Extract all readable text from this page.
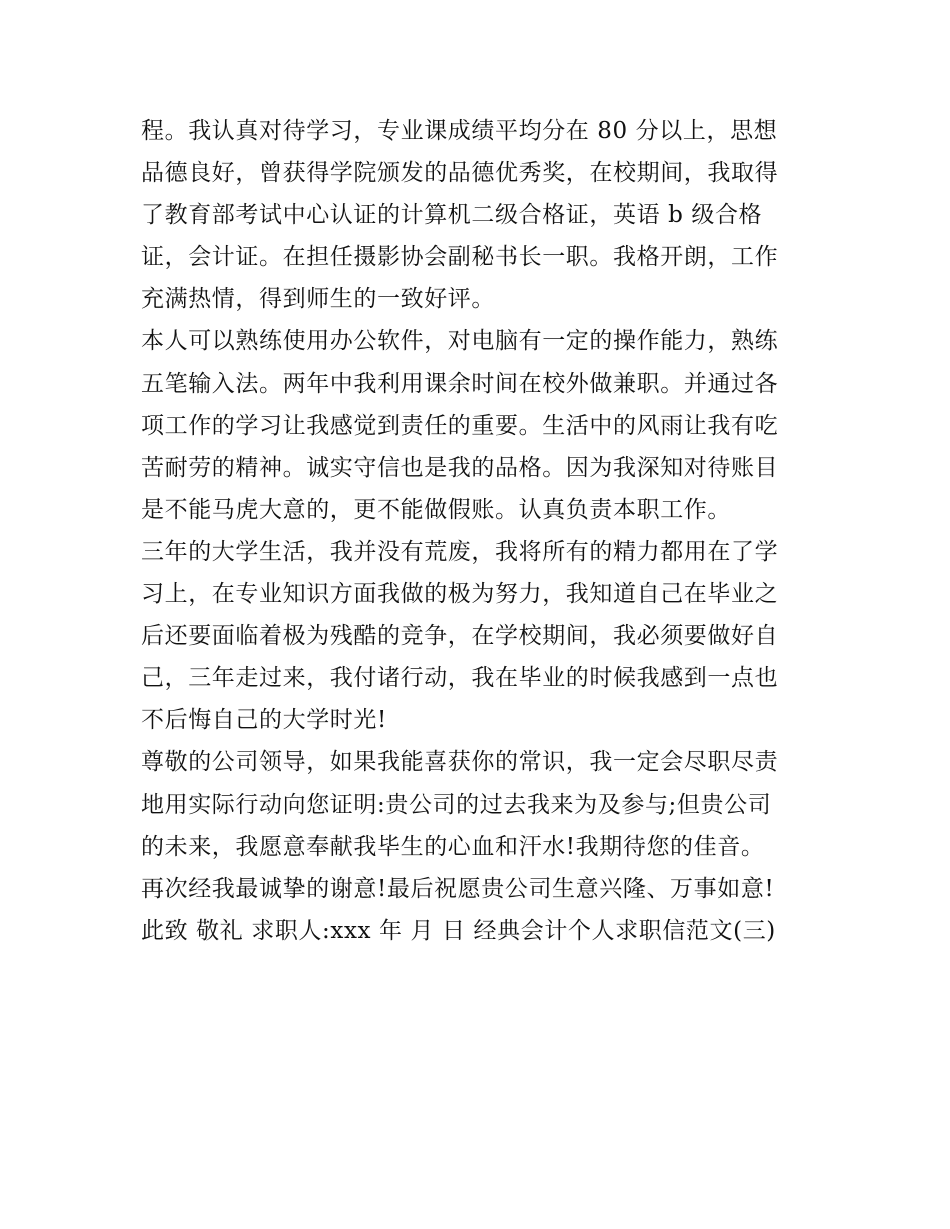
程。我认真对待学习，专业课成绩平均分在 80 分以上，思想
品德良好，曾获得学院颁发的品德优秀奖，在校期间，我取得
了教育部考试中心认证的计算机二级合格证，英语 b 级合格
证，会计证。在担任摄影协会副秘书长一职。我格开朗，工作
充满热情，得到师生的一致好评。
本人可以熟练使用办公软件，对电脑有一定的操作能力，熟练
五笔输入法。两年中我利用课余时间在校外做兼职。并通过各
项工作的学习让我感觉到责任的重要。生活中的风雨让我有吃
苦耐劳的精神。诚实守信也是我的品格。因为我深知对待账目
是不能马虎大意的，更不能做假账。认真负责本职工作。
三年的大学生活，我并没有荒废，我将所有的精力都用在了学
习上，在专业知识方面我做的极为努力，我知道自己在毕业之
后还要面临着极为残酷的竞争，在学校期间，我必须要做好自
己，三年走过来，我付诸行动，我在毕业的时候我感到一点也
不后悔自己的大学时光!
尊敬的公司领导，如果我能喜获你的常识，我一定会尽职尽责
地用实际行动向您证明:贵公司的过去我来为及参与;但贵公司
的未来，我愿意奉献我毕生的心血和汗水!我期待您的佳音。
再次经我最诚挚的谢意!最后祝愿贵公司生意兴隆、万事如意!
此致 敬礼 求职人:xxx 年 月 日 经典会计个人求职信范文(三)
